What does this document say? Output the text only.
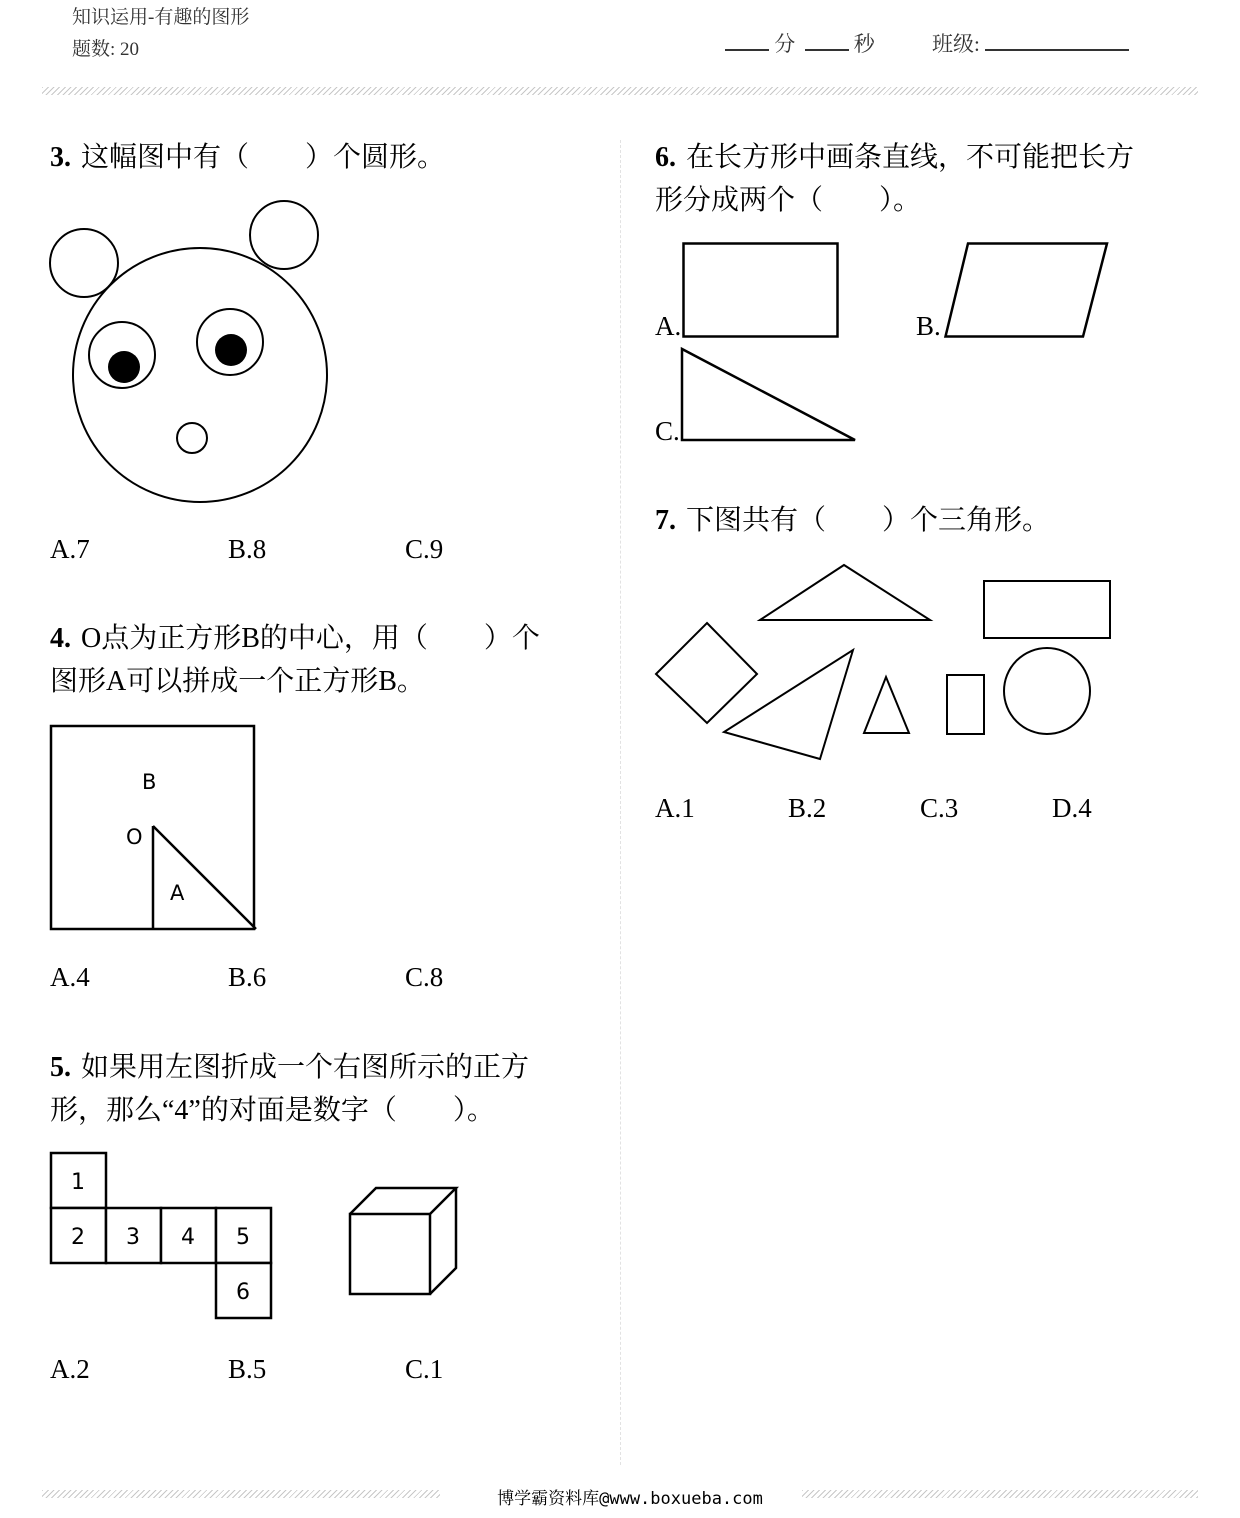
知识运用-有趣的图形
题数: 20	分	秒	班级:
3. 这幅图中有（　　）个圆形。
A.7	B.8	C.9
4. O点为正方形B的中心，用（　　）个
图形A可以拼成一个正方形B。
B
O
A
A.4	B.6	C.8
5. 如果用左图折成一个右图所示的正方
形，那么“4”的对面是数字（　　）。
1
2 3 4 5
6
A.2	B.5	C.1
6. 在长方形中画条直线，不可能把长方
形分成两个（　　）。
A.	B.
C.
7. 下图共有（　　）个三角形。
A.1	B.2	C.3	D.4
博学霸资料库@www.boxueba.com
